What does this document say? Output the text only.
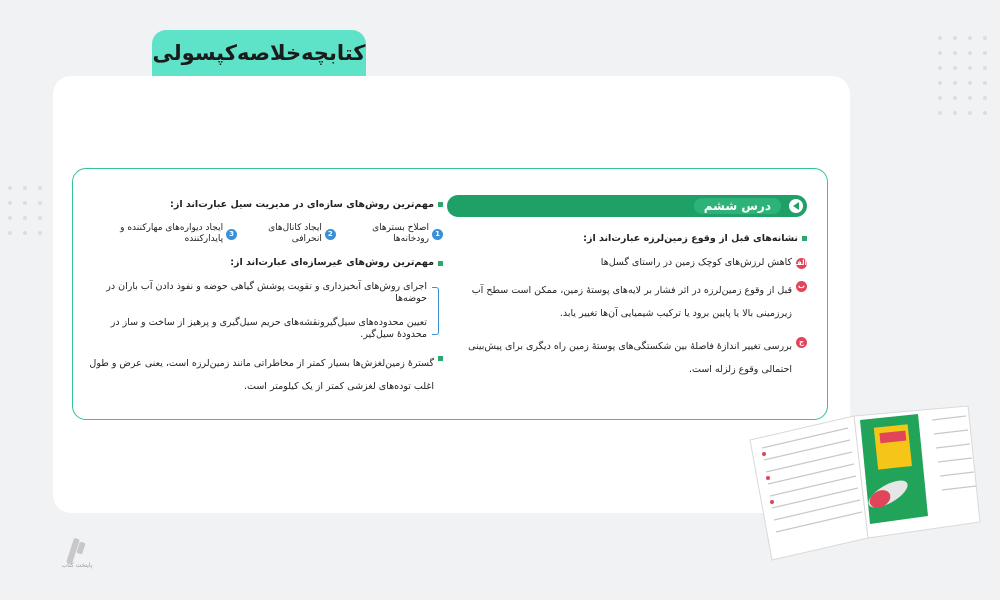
کتابچه‌خلاصه‌کپسولی
درس ششم
نشانه‌های قبل از وقوع زمین‌لرزه عبارت‌اند از:
الف
کاهش لرزش‌های کوچک زمین در راستای گسل‌ها
ب
قبل از وقوع زمین‌لرزه در اثر فشار بر لایه‌های پوستهٔ زمین، ممکن است سطح آب زیرزمینی بالا یا پایین برود یا ترکیب شیمیایی آن‌ها تغییر یابد.
ج
بررسی تغییر اندازهٔ فاصلهٔ بین شکستگی‌های پوستهٔ زمین راه دیگری برای پیش‌بینی احتمالی وقوع زلزله است.
مهم‌ترین روش‌های سازه‌ای در مدیریت سیل عبارت‌اند از:
1
اصلاح بسترهای رودخانه‌ها
2
ایجاد کانال‌های انحرافی
3
ایجاد دیواره‌های مهارکننده و پایدارکننده
مهم‌ترین روش‌های غیرسازه‌ای عبارت‌اند از:
اجرای روش‌های آبخیزداری و تقویت پوشش گیاهی حوضه و نفوذ دادن آب باران در حوضه‌ها
تعیین محدوده‌های سیل‌گیرونقشه‌های حریم سیل‌گیری و پرهیز از ساخت و ساز در محدودهٔ سیل‌گیر.
گسترهٔ زمین‌لغزش‌ها بسیار کمتر از مخاطراتی مانند زمین‌لرزه است، یعنی عرض و طول اغلب توده‌های لغزشی کمتر از یک کیلومتر است.
پایتخت کتاب
